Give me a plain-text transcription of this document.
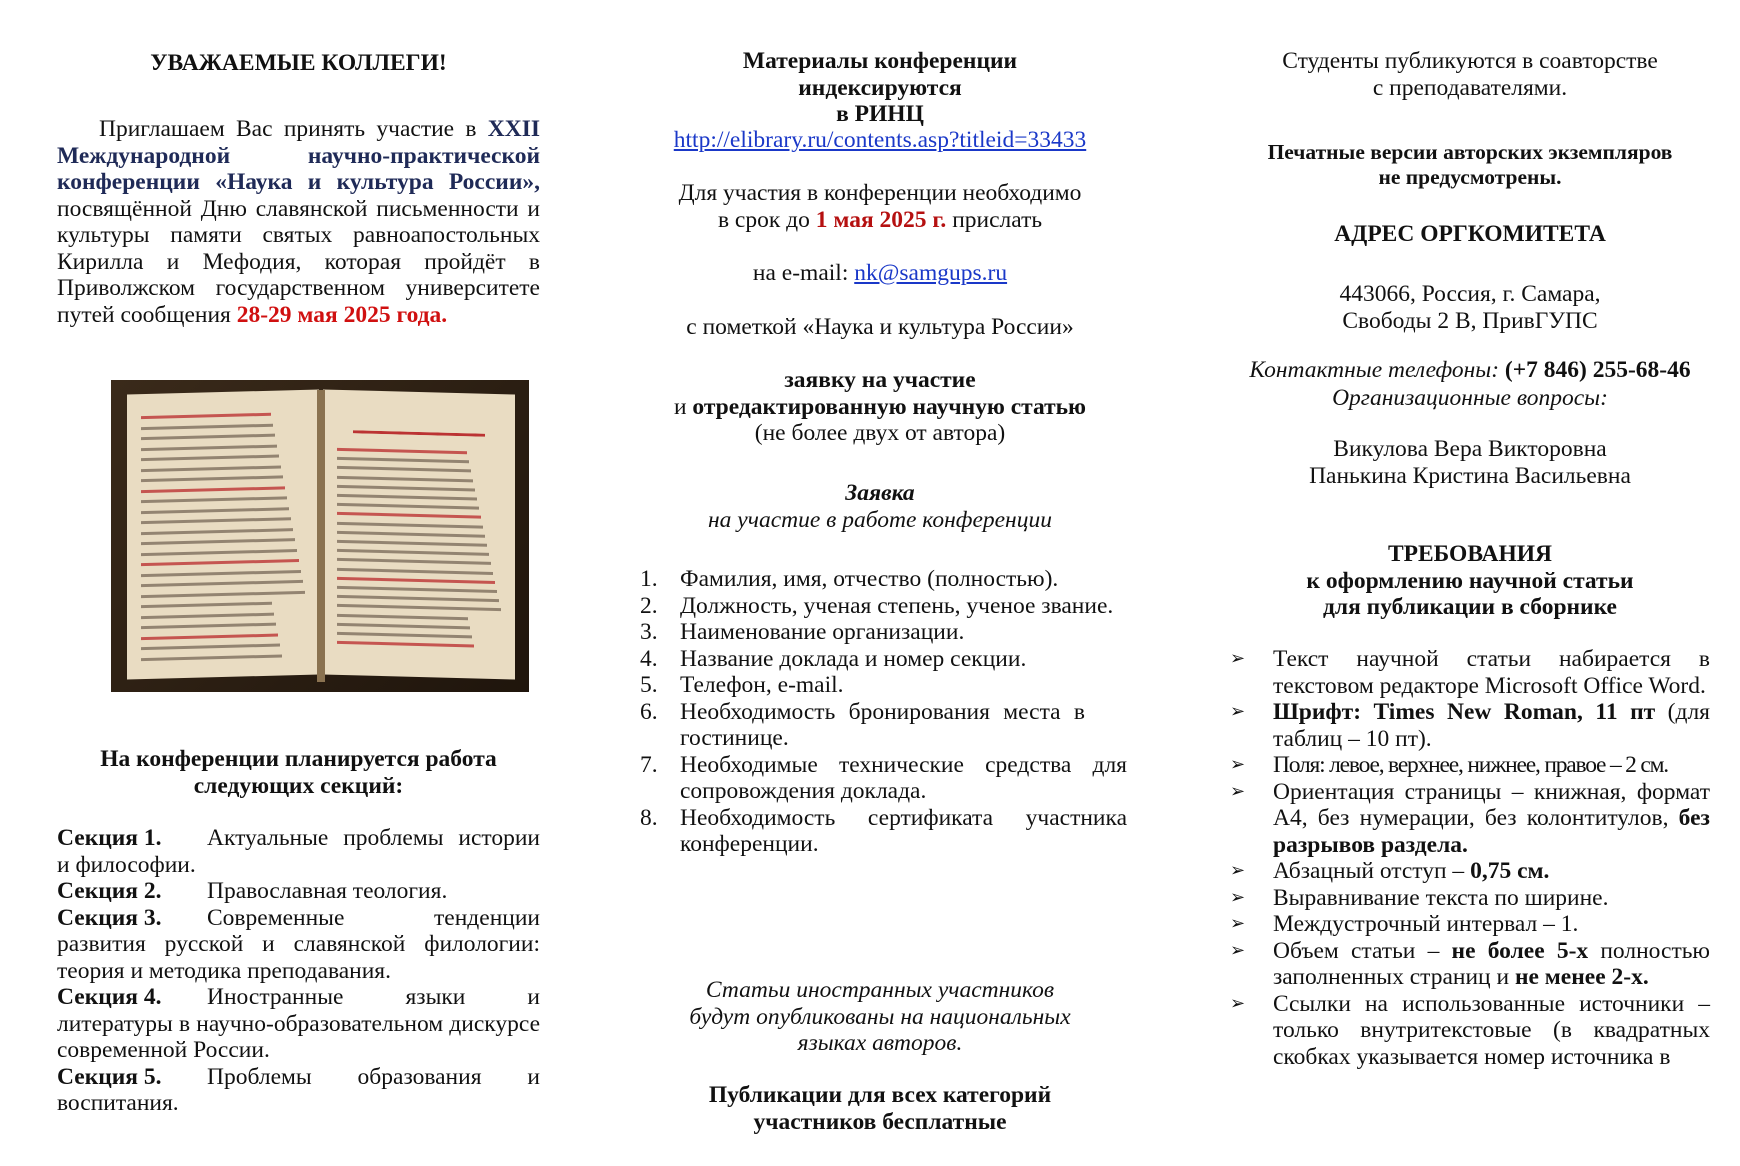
УВАЖАЕМЫЕ КОЛЛЕГИ!

Приглашаем Вас принять участие в XXII Международной научно-практической конференции «Наука и культура России», посвящённой Дню славянской письменности и культуры памяти святых равноапостольных Кирилла и Мефодия, которая пройдёт в Приволжском государственном университете путей сообщения 28-29 мая 2025 года.

На конференции планируется работа
следующих секций:

Секция 1. Актуальные проблемы истории и философии.

Секция 2. Православная теология.

Секция 3. Современные тенденции развития русской и славянской филологии: теория и методика преподавания.

Секция 4. Иностранные языки и литературы в научно-образовательном дискурсе современной России.

Секция 5. Проблемы образования и воспитания.

Материалы конференции
индексируются
в РИНЦ

http://elibrary.ru/contents.asp?titleid=33433

Для участия в конференции необходимо
в срок до 1 мая 2025 г. прислать

на e-mail: nk@samgups.ru

с пометкой «Наука и культура России»

заявку на участие
и отредактированную научную статью
(не более двух от автора)

Заявка

на участие в работе конференции

1. Фамилия, имя, отчество (полностью).
2. Должность, ученая степень, ученое звание.
3. Наименование организации.
4. Название доклада и номер секции.
5. Телефон, e-mail.
6. Необходимость бронирования места в гостинице.
7. Необходимые технические средства для сопровождения доклада.
8. Необходимость сертификата участника конференции.

Статьи иностранных участников
будут опубликованы на национальных
языках авторов.

Публикации для всех категорий
участников бесплатные

Студенты публикуются в соавторстве
с преподавателями.

Печатные версии авторских экземпляров
не предусмотрены.

АДРЕС ОРГКОМИТЕТА

443066, Россия, г. Самара,
Свободы 2 В, ПривГУПС

Контактные телефоны: (+7 846) 255-68-46

Организационные вопросы:

Викулова Вера Викторовна
Панькина Кристина Васильевна

ТРЕБОВАНИЯ
к оформлению научной статьи
для публикации в сборнике

➢ Текст научной статьи набирается в текстовом редакторе Microsoft Office Word.
➢ Шрифт: Times New Roman, 11 пт (для таблиц – 10 пт).
➢ Поля: левое, верхнее, нижнее, правое – 2 см.
➢ Ориентация страницы – книжная, формат А4, без нумерации, без колонтитулов, без разрывов раздела.
➢ Абзацный отступ – 0,75 см.
➢ Выравнивание текста по ширине.
➢ Междустрочный интервал – 1.
➢ Объем статьи – не более 5-х полностью заполненных страниц и не менее 2-х.
➢ Ссылки на использованные источники – только внутритекстовые (в квадратных скобках указывается номер источника в
